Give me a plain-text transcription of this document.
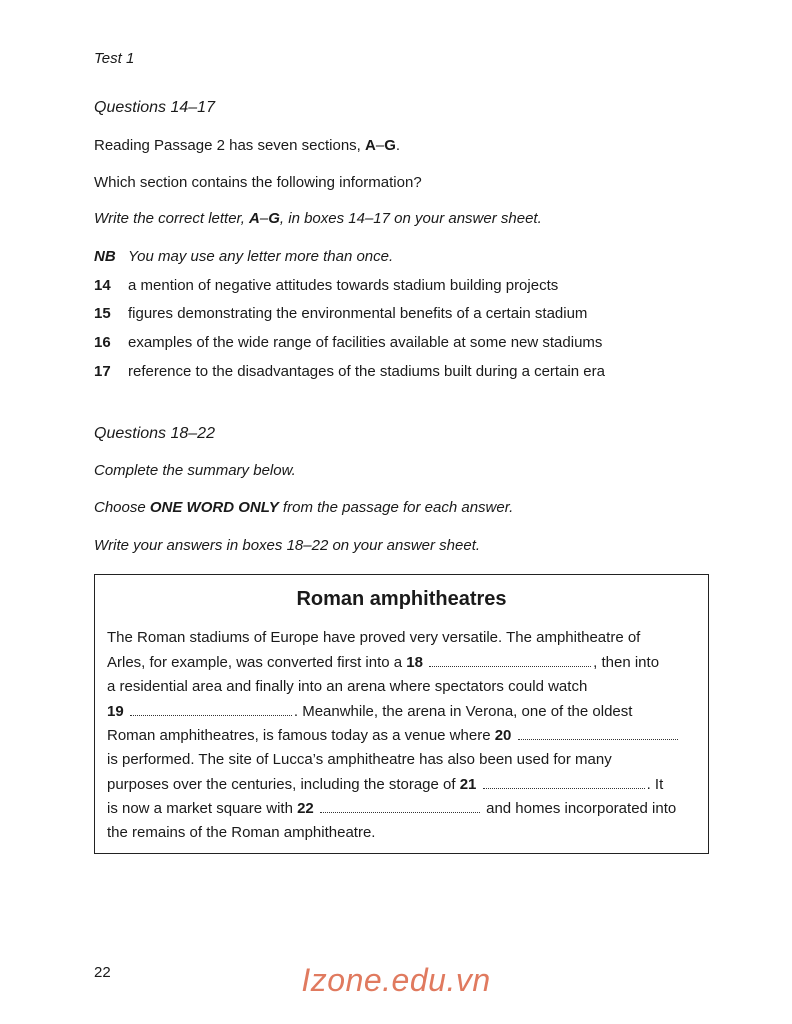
Test 1
Questions 14–17
Reading Passage 2 has seven sections, A–G.
Which section contains the following information?
Write the correct letter, A–G, in boxes 14–17 on your answer sheet.
NB You may use any letter more than once.
14 a mention of negative attitudes towards stadium building projects
15 figures demonstrating the environmental benefits of a certain stadium
16 examples of the wide range of facilities available at some new stadiums
17 reference to the disadvantages of the stadiums built during a certain era
Questions 18–22
Complete the summary below.
Choose ONE WORD ONLY from the passage for each answer.
Write your answers in boxes 18–22 on your answer sheet.
Roman amphitheatres
The Roman stadiums of Europe have proved very versatile. The amphitheatre of
Arles, for example, was converted first into a 18	, then into
a residential area and finally into an arena where spectators could watch
19	. Meanwhile, the arena in Verona, one of the oldest
Roman amphitheatres, is famous today as a venue where 20
is performed. The site of Lucca’s amphitheatre has also been used for many
purposes over the centuries, including the storage of 21	. It
is now a market square with 22	and homes incorporated into
the remains of the Roman amphitheatre.
22	Izone.edu.vn
